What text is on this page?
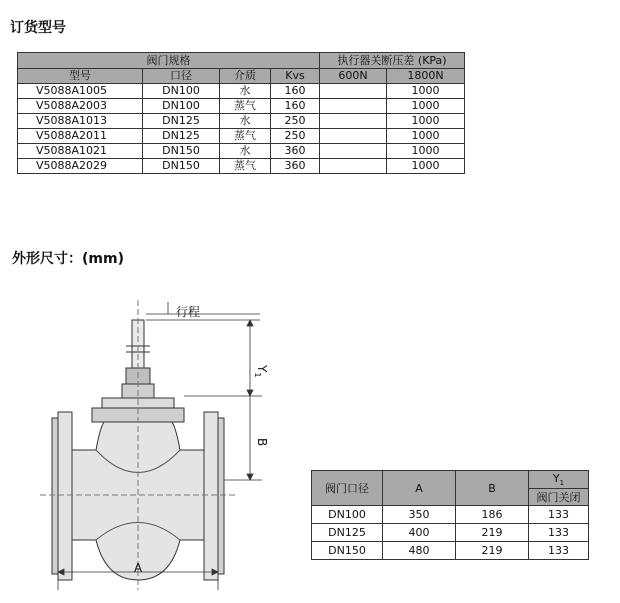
订货型号
阀门规格				执行器关断压差 (KPa)	
型号	口径	介质	Kvs	600N	1800N
V5088A1005	DN100	水	160		1000
V5088A2003	DN100	蒸气	160		1000
V5088A1013	DN125	水	250		1000
V5088A2011	DN125	蒸气	250		1000
V5088A1021	DN150	水	360		1000
V5088A2029	DN150	蒸气	360		1000
外形尺寸：(mm)
行程
$Y_1$
B
A
阀门口径	A	B	$Y_1$
			阀门关闭
DN100	350	186	133
DN125	400	219	133
DN150	480	219	133
